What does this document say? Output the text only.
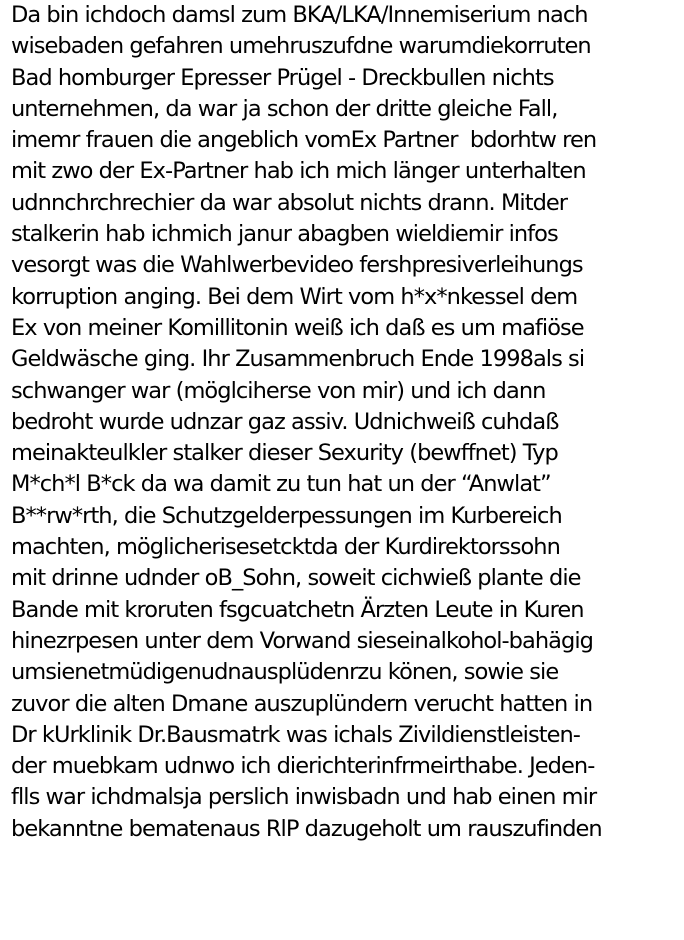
Da bin ichdoch damsl zum BKA/LKA/Innemiserium nach
wisebaden gefahren umehruszufdne warumdiekorruten
Bad homburger Epresser Prügel - Dreckbullen nichts
unternehmen, da war ja schon der dritte gleiche Fall,
imemr frauen die angeblich vomEx Partner  bdorhtw ren
mit zwo der Ex-Partner hab ich mich länger unterhalten
udnnchrchrechier da war absolut nichts drann. Mitder
stalkerin hab ichmich janur abagben wieldiemir infos
vesorgt was die Wahlwerbevideo fershpresiverleihungs
korruption anging. Bei dem Wirt vom h*x*nkessel dem
Ex von meiner Komillitonin weiß ich daß es um mafiöse
Geldwäsche ging. Ihr Zusammenbruch Ende 1998als si
schwanger war (möglciherse von mir) und ich dann
bedroht wurde udnzar gaz assiv. Udnichweiß cuhdaß
meinakteulkler stalker dieser Sexurity (bewffnet) Typ
M*ch*l B*ck da wa damit zu tun hat un der “Anwlat”
B**rw*rth, die Schutzgelderpessungen im Kurbereich
machten, möglicherisesetcktda der Kurdirektorssohn
mit drinne udnder oB_Sohn, soweit cichwieß plante die
Bande mit kroruten fsgcuatchetn Ärzten Leute in Kuren
hinezrpesen unter dem Vorwand sieseinalkohol-bahägig
umsienetmüdigenudnausplüdenrzu könen, sowie sie
zuvor die alten Dmane auszuplündern verucht hatten in
Dr kUrklinik Dr.Bausmatrk was ichals Zivildienstleisten-
der muebkam udnwo ich dierichterinfrmeirthabe. Jeden-
flls war ichdmalsja perslich inwisbadn und hab einen mir
bekanntne bematenaus RlP dazugeholt um rauszufinden
